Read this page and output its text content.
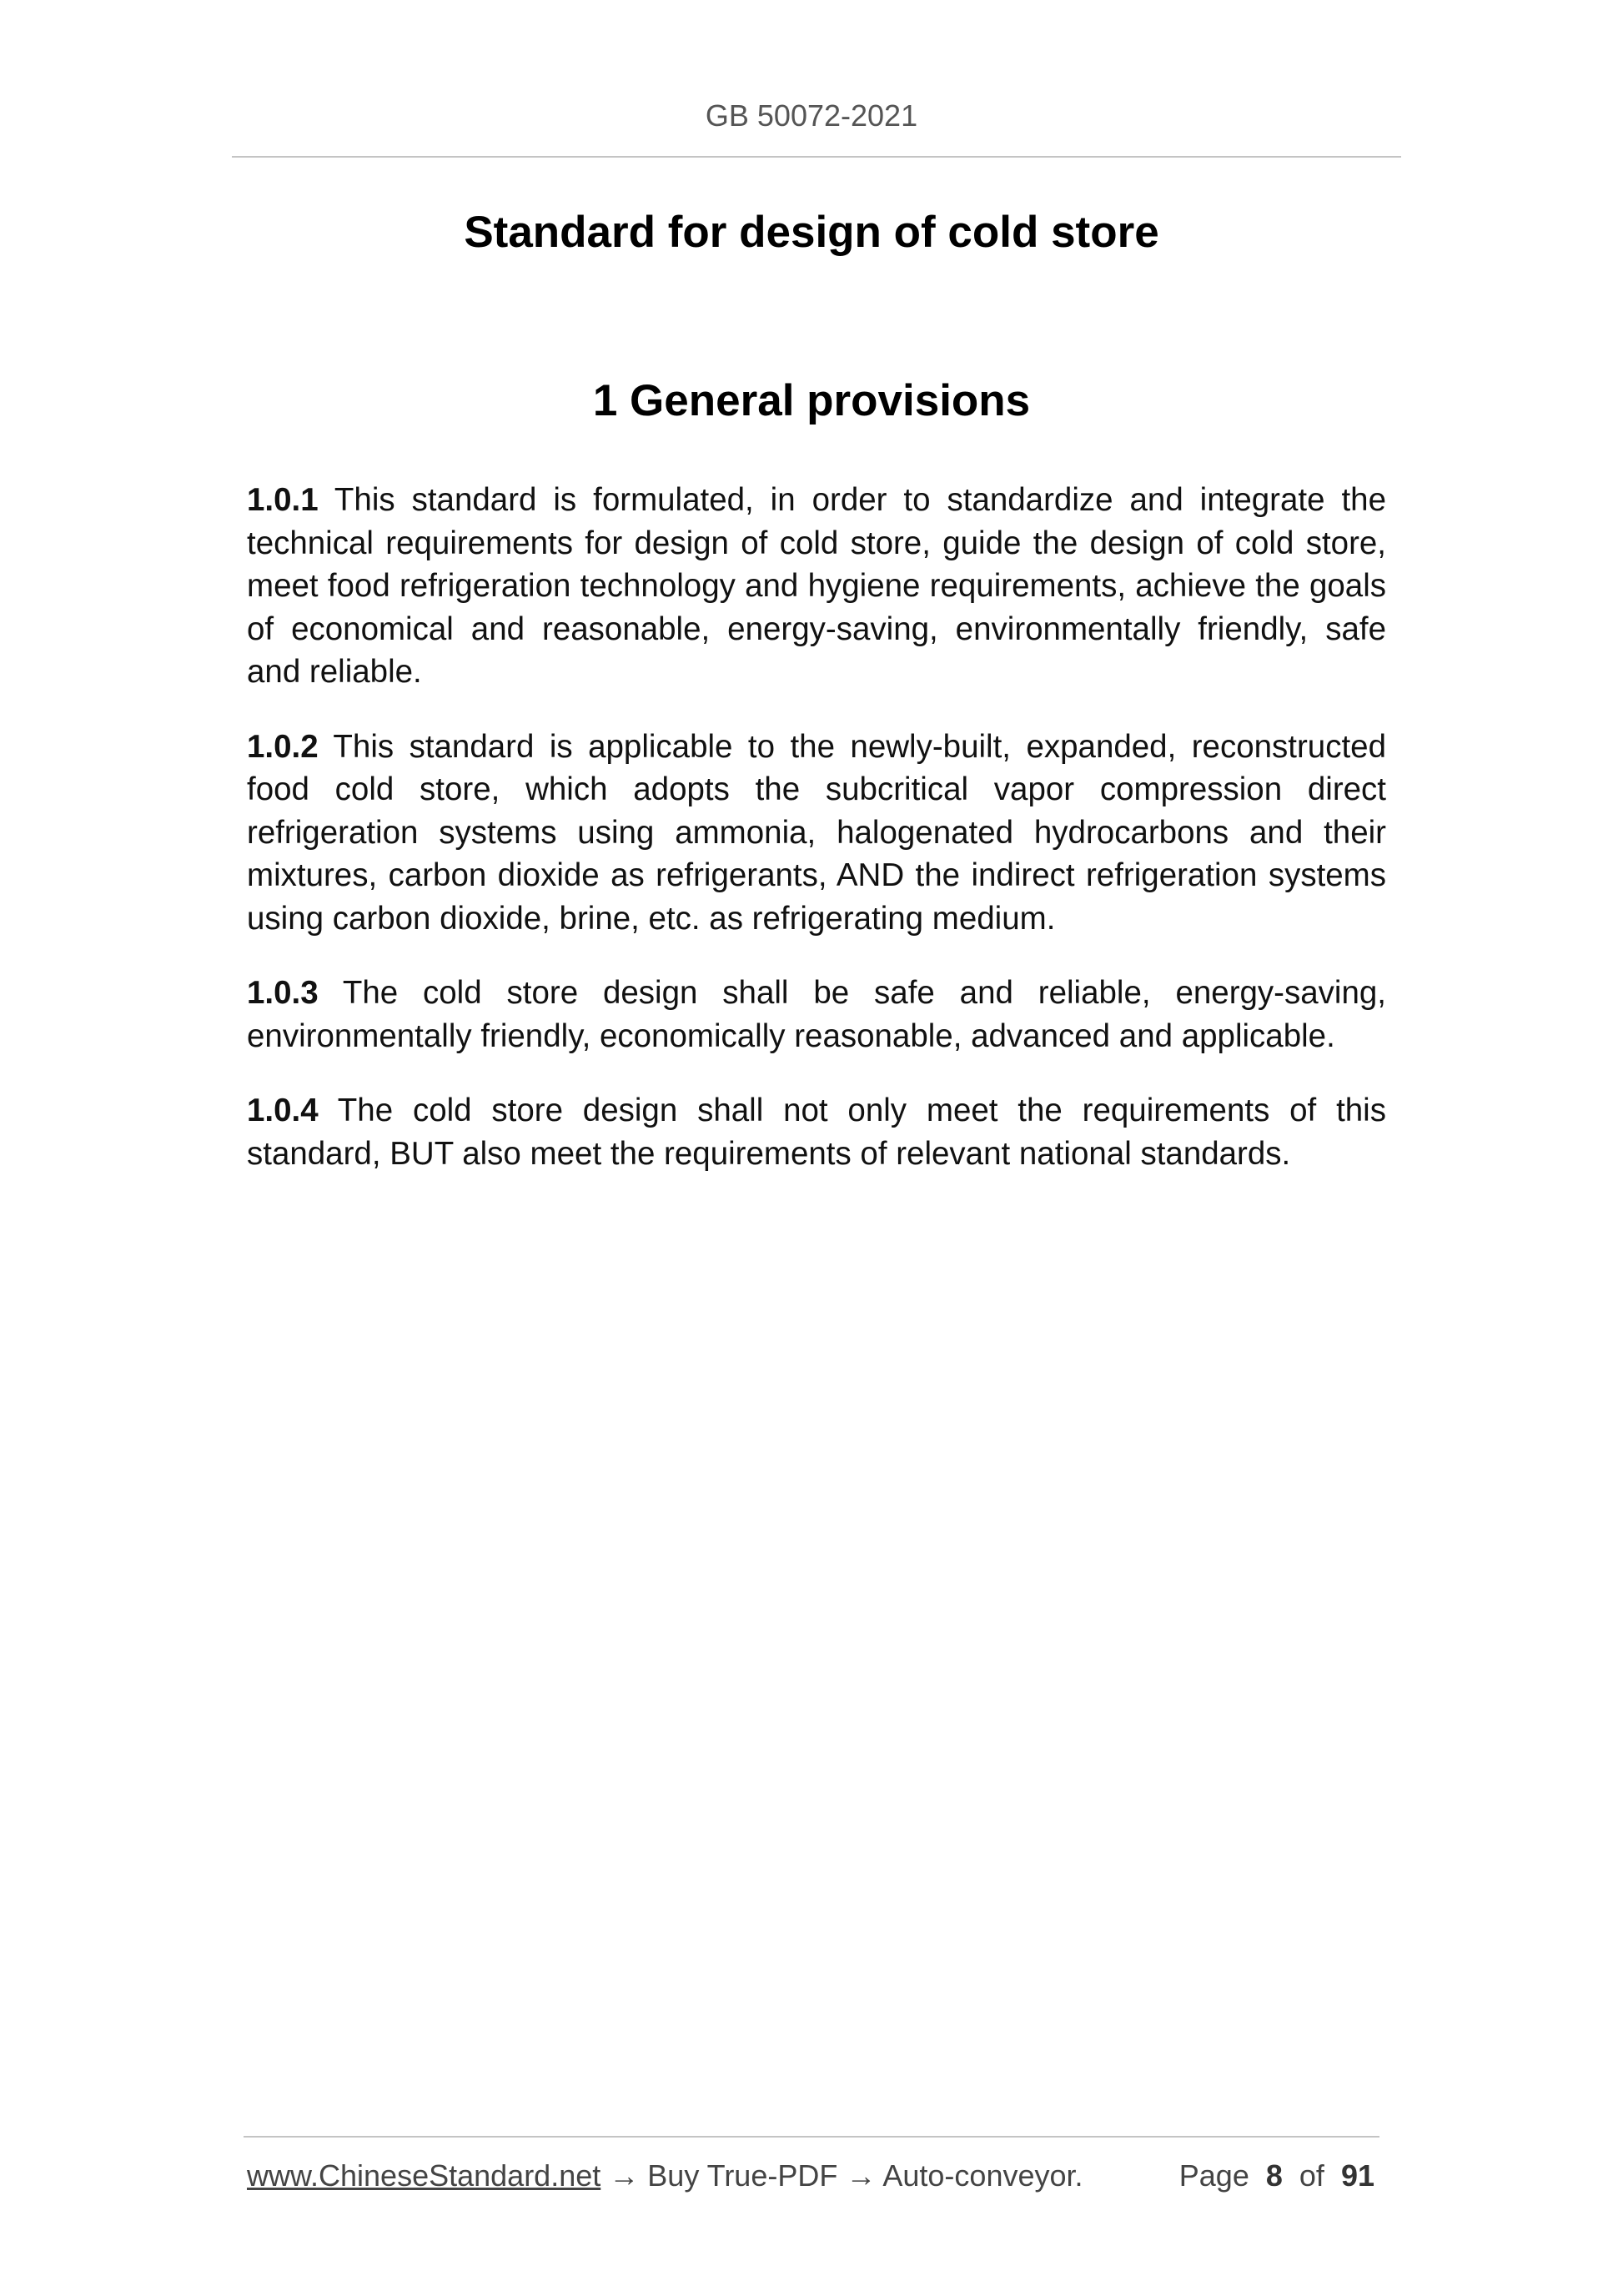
GB 50072-2021
Standard for design of cold store
1 General provisions

1.0.1 This standard is formulated, in order to standardize and integrate the technical requirements for design of cold store, guide the design of cold store, meet food refrigeration technology and hygiene requirements, achieve the goals of economical and reasonable, energy-saving, environmentally friendly, safe and reliable.

1.0.2 This standard is applicable to the newly-built, expanded, reconstructed food cold store, which adopts the subcritical vapor compression direct refrigeration systems using ammonia, halogenated hydrocarbons and their mixtures, carbon dioxide as refrigerants, AND the indirect refrigeration systems using carbon dioxide, brine, etc. as refrigerating medium.

1.0.3 The cold store design shall be safe and reliable, energy-saving, environmentally friendly, economically reasonable, advanced and applicable.

1.0.4 The cold store design shall not only meet the requirements of this standard, BUT also meet the requirements of relevant national standards.

www.ChineseStandard.net → Buy True-PDF → Auto-conveyor.	Page 8 of 91
